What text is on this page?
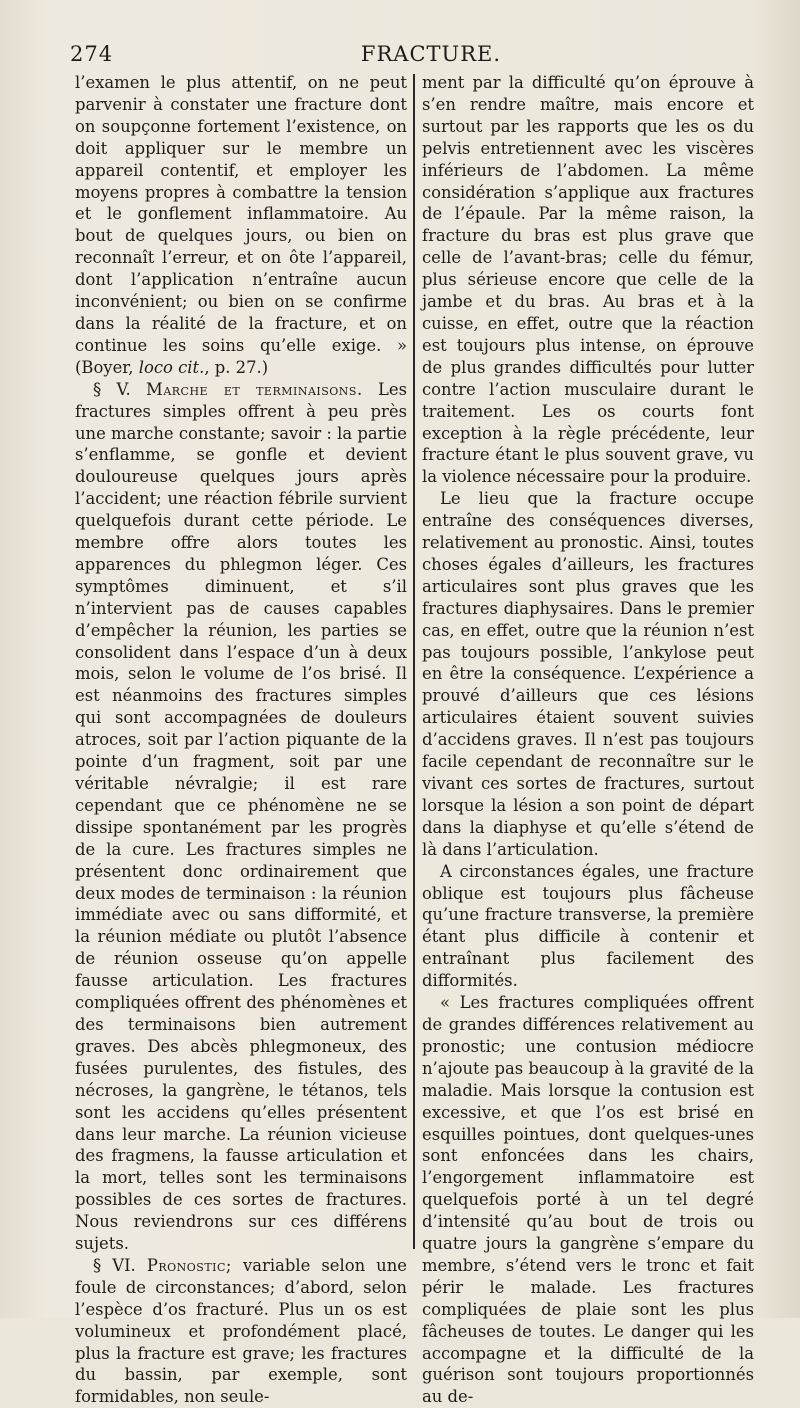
274	FRACTURE.

l’examen le plus attentif, on ne peut parvenir à constater une fracture dont on soupçonne fortement l’existence, on doit appliquer sur le membre un appareil contentif, et employer les moyens propres à combattre la tension et le gonflement inflammatoire. Au bout de quelques jours, ou bien on reconnaît l’erreur, et on ôte l’appareil, dont l’application n’entraîne aucun inconvénient; ou bien on se confirme dans la réalité de la fracture, et on continue les soins qu’elle exige. » (Boyer, loco cit., p. 27.)

§ V. Marche et terminaisons. Les fractures simples offrent à peu près une marche constante; savoir : la partie s’enflamme, se gonfle et devient douloureuse quelques jours après l’accident; une réaction fébrile survient quelquefois durant cette période. Le membre offre alors toutes les apparences du phlegmon léger. Ces symptômes diminuent, et s’il n’intervient pas de causes capables d’empêcher la réunion, les parties se consolident dans l’espace d’un à deux mois, selon le volume de l’os brisé. Il est néanmoins des fractures simples qui sont accompagnées de douleurs atroces, soit par l’action piquante de la pointe d’un fragment, soit par une véritable névralgie; il est rare cependant que ce phénomène ne se dissipe spontanément par les progrès de la cure. Les fractures simples ne présentent donc ordinairement que deux modes de terminaison : la réunion immédiate avec ou sans difformité, et la réunion médiate ou plutôt l’absence de réunion osseuse qu’on appelle fausse articulation. Les fractures compliquées offrent des phénomènes et des terminaisons bien autrement graves. Des abcès phlegmoneux, des fusées purulentes, des fistules, des nécroses, la gangrène, le tétanos, tels sont les accidens qu’elles présentent dans leur marche. La réunion vicieuse des fragmens, la fausse articulation et la mort, telles sont les terminaisons possibles de ces sortes de fractures. Nous reviendrons sur ces différens sujets.

§ VI. Pronostic; variable selon une foule de circonstances; d’abord, selon l’espèce d’os fracturé. Plus un os est volumineux et profondément placé, plus la fracture est grave; les fractures du bassin, par exemple, sont formidables, non seule-

ment par la difficulté qu’on éprouve à s’en rendre maître, mais encore et surtout par les rapports que les os du pelvis entretiennent avec les viscères inférieurs de l’abdomen. La même considération s’applique aux fractures de l’épaule. Par la même raison, la fracture du bras est plus grave que celle de l’avant-bras; celle du fémur, plus sérieuse encore que celle de la jambe et du bras. Au bras et à la cuisse, en effet, outre que la réaction est toujours plus intense, on éprouve de plus grandes difficultés pour lutter contre l’action musculaire durant le traitement. Les os courts font exception à la règle précédente, leur fracture étant le plus souvent grave, vu la violence nécessaire pour la produire.

Le lieu que la fracture occupe entraîne des conséquences diverses, relativement au pronostic. Ainsi, toutes choses égales d’ailleurs, les fractures articulaires sont plus graves que les fractures diaphysaires. Dans le premier cas, en effet, outre que la réunion n’est pas toujours possible, l’ankylose peut en être la conséquence. L’expérience a prouvé d’ailleurs que ces lésions articulaires étaient souvent suivies d’accidens graves. Il n’est pas toujours facile cependant de reconnaître sur le vivant ces sortes de fractures, surtout lorsque la lésion a son point de départ dans la diaphyse et qu’elle s’étend de là dans l’articulation.

A circonstances égales, une fracture oblique est toujours plus fâcheuse qu’une fracture transverse, la première étant plus difficile à contenir et entraînant plus facilement des difformités.

« Les fractures compliquées offrent de grandes différences relativement au pronostic; une contusion médiocre n’ajoute pas beaucoup à la gravité de la maladie. Mais lorsque la contusion est excessive, et que l’os est brisé en esquilles pointues, dont quelques-unes sont enfoncées dans les chairs, l’engorgement inflammatoire est quelquefois porté à un tel degré d’intensité qu’au bout de trois ou quatre jours la gangrène s’empare du membre, s’étend vers le tronc et fait périr le malade. Les fractures compliquées de plaie sont les plus fâcheuses de toutes. Le danger qui les accompagne et la difficulté de la guérison sont toujours proportionnés au de-
